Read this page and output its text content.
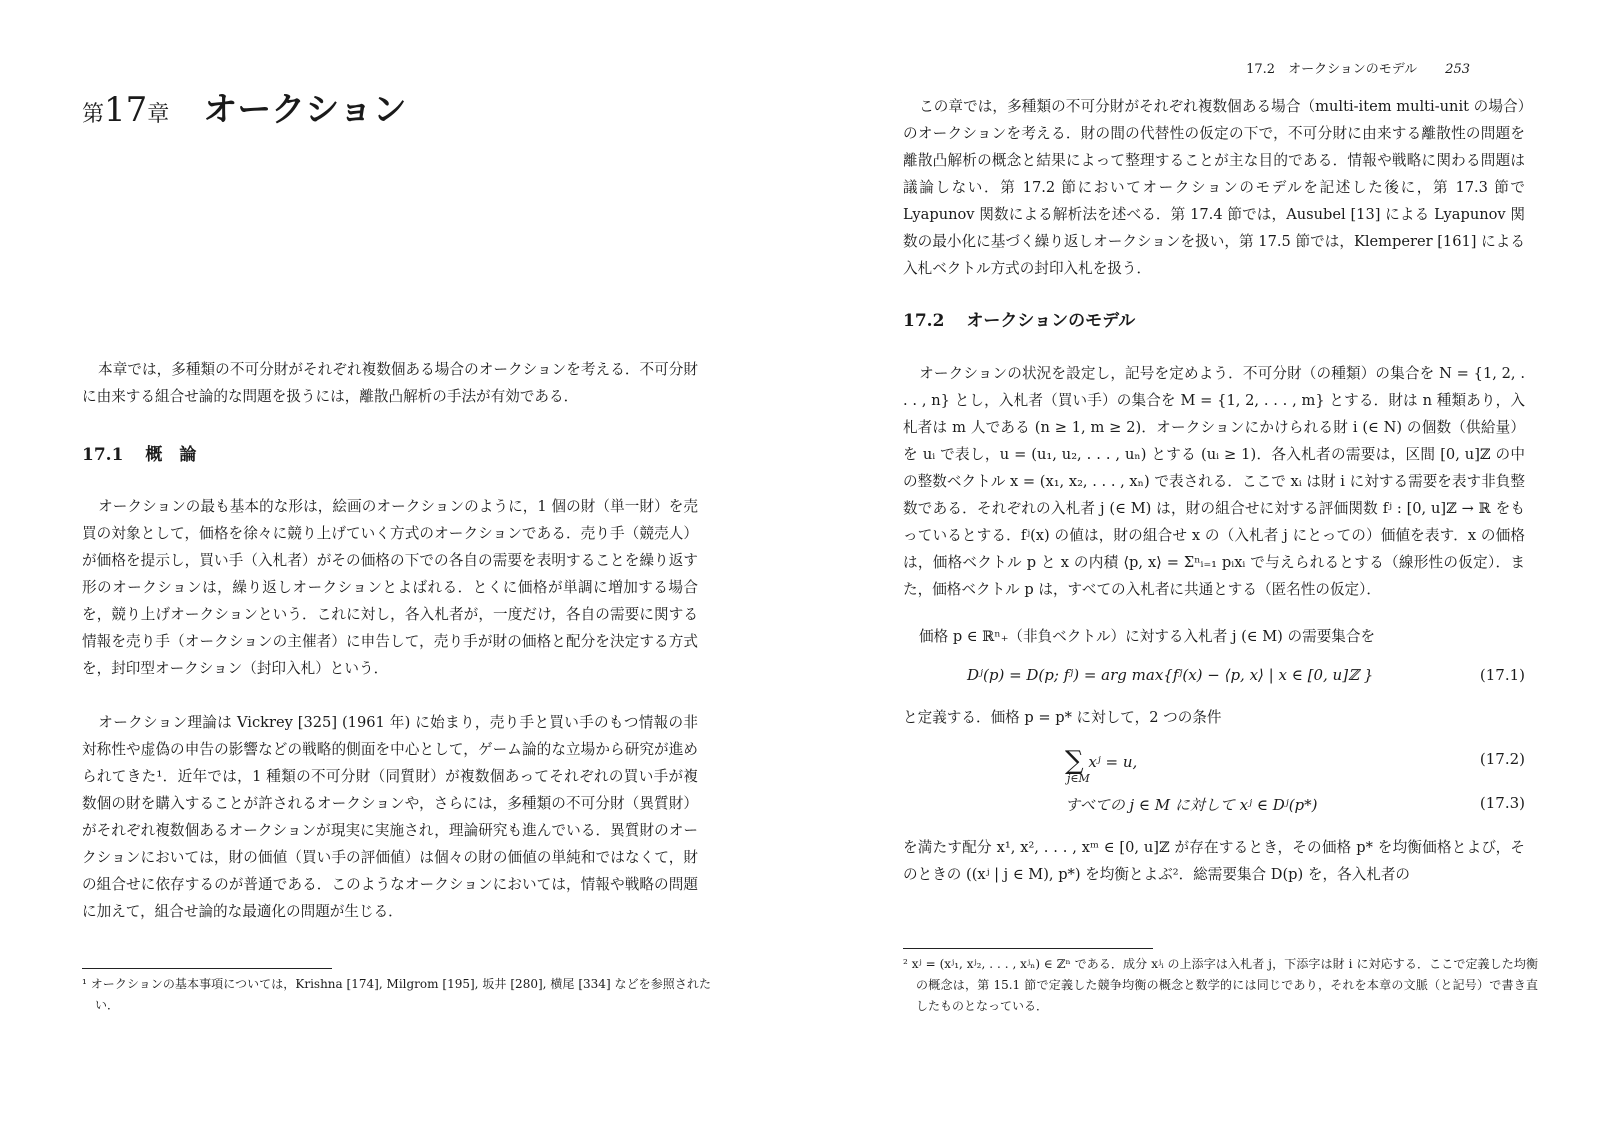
第17章 オークション

本章では，多種類の不可分財がそれぞれ複数個ある場合のオークションを考える．不可分財に由来する組合せ論的な問題を扱うには，離散凸解析の手法が有効である．

17.1 概　論

オークションの最も基本的な形は，絵画のオークションのように，1 個の財（単一財）を売買の対象として，価格を徐々に競り上げていく方式のオークションである．売り手（競売人）が価格を提示し，買い手（入札者）がその価格の下での各自の需要を表明することを繰り返す形のオークションは，繰り返しオークションとよばれる．とくに価格が単調に増加する場合を，競り上げオークションという．これに対し，各入札者が，一度だけ，各自の需要に関する情報を売り手（オークションの主催者）に申告して，売り手が財の価格と配分を決定する方式を，封印型オークション（封印入札）という．

オークション理論は Vickrey [325] (1961 年) に始まり，売り手と買い手のもつ情報の非対称性や虚偽の申告の影響などの戦略的側面を中心として，ゲーム論的な立場から研究が進められてきた¹．近年では，1 種類の不可分財（同質財）が複数個あってそれぞれの買い手が複数個の財を購入することが許されるオークションや，さらには，多種類の不可分財（異質財）がそれぞれ複数個あるオークションが現実に実施され，理論研究も進んでいる．異質財のオークションにおいては，財の価値（買い手の評価値）は個々の財の価値の単純和ではなくて，財の組合せに依存するのが普通である．このようなオークションにおいては，情報や戦略の問題に加えて，組合せ論的な最適化の問題が生じる．

¹ オークションの基本事項については，Krishna [174], Milgrom [195], 坂井 [280], 横尾 [334] などを参照されたい．

17.2　オークションのモデル 253

この章では，多種類の不可分財がそれぞれ複数個ある場合（multi-item multi-unit の場合）のオークションを考える．財の間の代替性の仮定の下で，不可分財に由来する離散性の問題を離散凸解析の概念と結果によって整理することが主な目的である．情報や戦略に関わる問題は議論しない．第 17.2 節においてオークションのモデルを記述した後に，第 17.3 節で Lyapunov 関数による解析法を述べる．第 17.4 節では，Ausubel [13] による Lyapunov 関数の最小化に基づく繰り返しオークションを扱い，第 17.5 節では，Klemperer [161] による入札ベクトル方式の封印入札を扱う．

17.2 オークションのモデル

オークションの状況を設定し，記号を定めよう．不可分財（の種類）の集合を N = {1, 2, . . . , n} とし，入札者（買い手）の集合を M = {1, 2, . . . , m} とする．財は n 種類あり，入札者は m 人である (n ≥ 1, m ≥ 2)．オークションにかけられる財 i (∈ N) の個数（供給量）を uᵢ で表し，u = (u₁, u₂, . . . , uₙ) とする (uᵢ ≥ 1)．各入札者の需要は，区間 [0, u]ℤ の中の整数ベクトル x = (x₁, x₂, . . . , xₙ) で表される．ここで xᵢ は財 i に対する需要を表す非負整数である．それぞれの入札者 j (∈ M) は，財の組合せに対する評価関数 fʲ : [0, u]ℤ → ℝ をもっているとする．fʲ(x) の値は，財の組合せ x の（入札者 j にとっての）価値を表す．x の価格は，価格ベクトル p と x の内積 ⟨p, x⟩ = Σⁿᵢ₌₁ pᵢxᵢ で与えられるとする（線形性の仮定）．また，価格ベクトル p は，すべての入札者に共通とする（匿名性の仮定）．

価格 p ∈ ℝⁿ₊（非負ベクトル）に対する入札者 j (∈ M) の需要集合を

Dʲ(p) = D(p; fʲ) = arg max{fʲ(x) − ⟨p, x⟩ | x ∈ [0, u]ℤ }	(17.1)

と定義する．価格 p = p* に対して，2 つの条件

∑
j∈M
xʲ = u,	(17.2)
すべての j ∈ M に対して xʲ ∈ Dʲ(p*)	(17.3)

を満たす配分 x¹, x², . . . , xᵐ ∈ [0, u]ℤ が存在するとき，その価格 p* を均衡価格とよび，そのときの ((xʲ | j ∈ M), p*) を均衡とよぶ²．総需要集合 D(p) を，各入札者の

² xʲ = (xʲ₁, xʲ₂, . . . , xʲₙ) ∈ ℤⁿ である．成分 xʲᵢ の上添字は入札者 j，下添字は財 i に対応する．ここで定義した均衡の概念は，第 15.1 節で定義した競争均衡の概念と数学的には同じであり，それを本章の文脈（と記号）で書き直したものとなっている．
